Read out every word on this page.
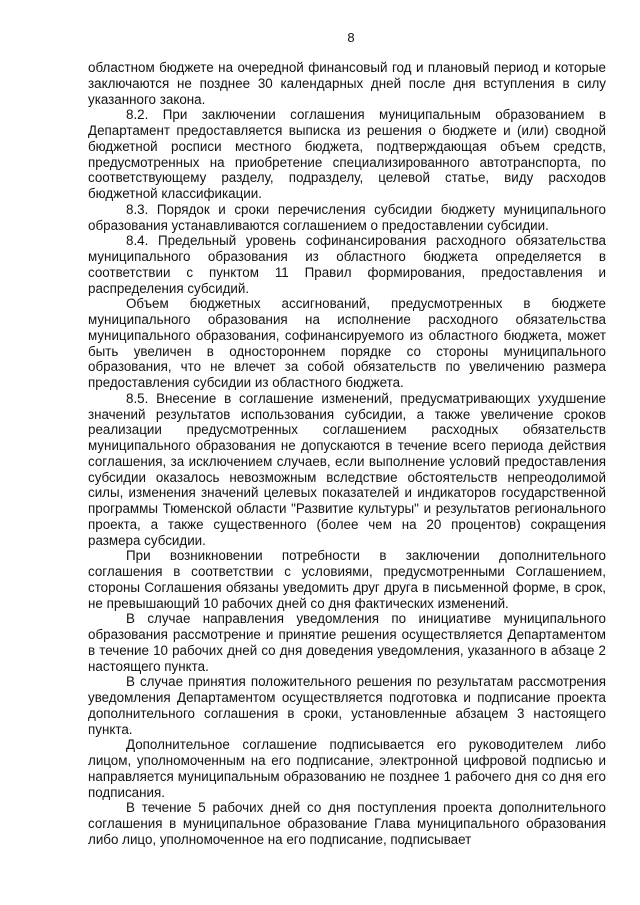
8

областном бюджете на очередной финансовый год и плановый период и которые заключаются не позднее 30 календарных дней после дня вступления в силу указанного закона.

8.2. При заключении соглашения муниципальным образованием в Департамент предоставляется выписка из решения о бюджете и (или) сводной бюджетной росписи местного бюджета, подтверждающая объем средств, предусмотренных на приобретение специализированного автотранспорта, по соответствующему разделу, подразделу, целевой статье, виду расходов бюджетной классификации.

8.3. Порядок и сроки перечисления субсидии бюджету муниципального образования устанавливаются соглашением о предоставлении субсидии.

8.4. Предельный уровень софинансирования расходного обязательства муниципального образования из областного бюджета определяется в соответствии с пунктом 11 Правил формирования, предоставления и распределения субсидий.

Объем бюджетных ассигнований, предусмотренных в бюджете муниципального образования на исполнение расходного обязательства муниципального образования, софинансируемого из областного бюджета, может быть увеличен в одностороннем порядке со стороны муниципального образования, что не влечет за собой обязательств по увеличению размера предоставления субсидии из областного бюджета.

8.5. Внесение в соглашение изменений, предусматривающих ухудшение значений результатов использования субсидии, а также увеличение сроков реализации предусмотренных соглашением расходных обязательств муниципального образования не допускаются в течение всего периода действия соглашения, за исключением случаев, если выполнение условий предоставления субсидии оказалось невозможным вследствие обстоятельств непреодолимой силы, изменения значений целевых показателей и индикаторов государственной программы Тюменской области "Развитие культуры" и результатов регионального проекта, а также существенного (более чем на 20 процентов) сокращения размера субсидии.

При возникновении потребности в заключении дополнительного соглашения в соответствии с условиями, предусмотренными Соглашением, стороны Соглашения обязаны уведомить друг друга в письменной форме, в срок, не превышающий 10 рабочих дней со дня фактических изменений.

В случае направления уведомления по инициативе муниципального образования рассмотрение и принятие решения осуществляется Департаментом в течение 10 рабочих дней со дня доведения уведомления, указанного в абзаце 2 настоящего пункта.

В случае принятия положительного решения по результатам рассмотрения уведомления Департаментом осуществляется подготовка и подписание проекта дополнительного соглашения в сроки, установленные абзацем 3 настоящего пункта.

Дополнительное соглашение подписывается его руководителем либо лицом, уполномоченным на его подписание, электронной цифровой подписью и направляется муниципальным образованию не позднее 1 рабочего дня со дня его подписания.

В течение 5 рабочих дней со дня поступления проекта дополнительного соглашения в муниципальное образование Глава муниципального образования либо лицо, уполномоченное на его подписание, подписывает
